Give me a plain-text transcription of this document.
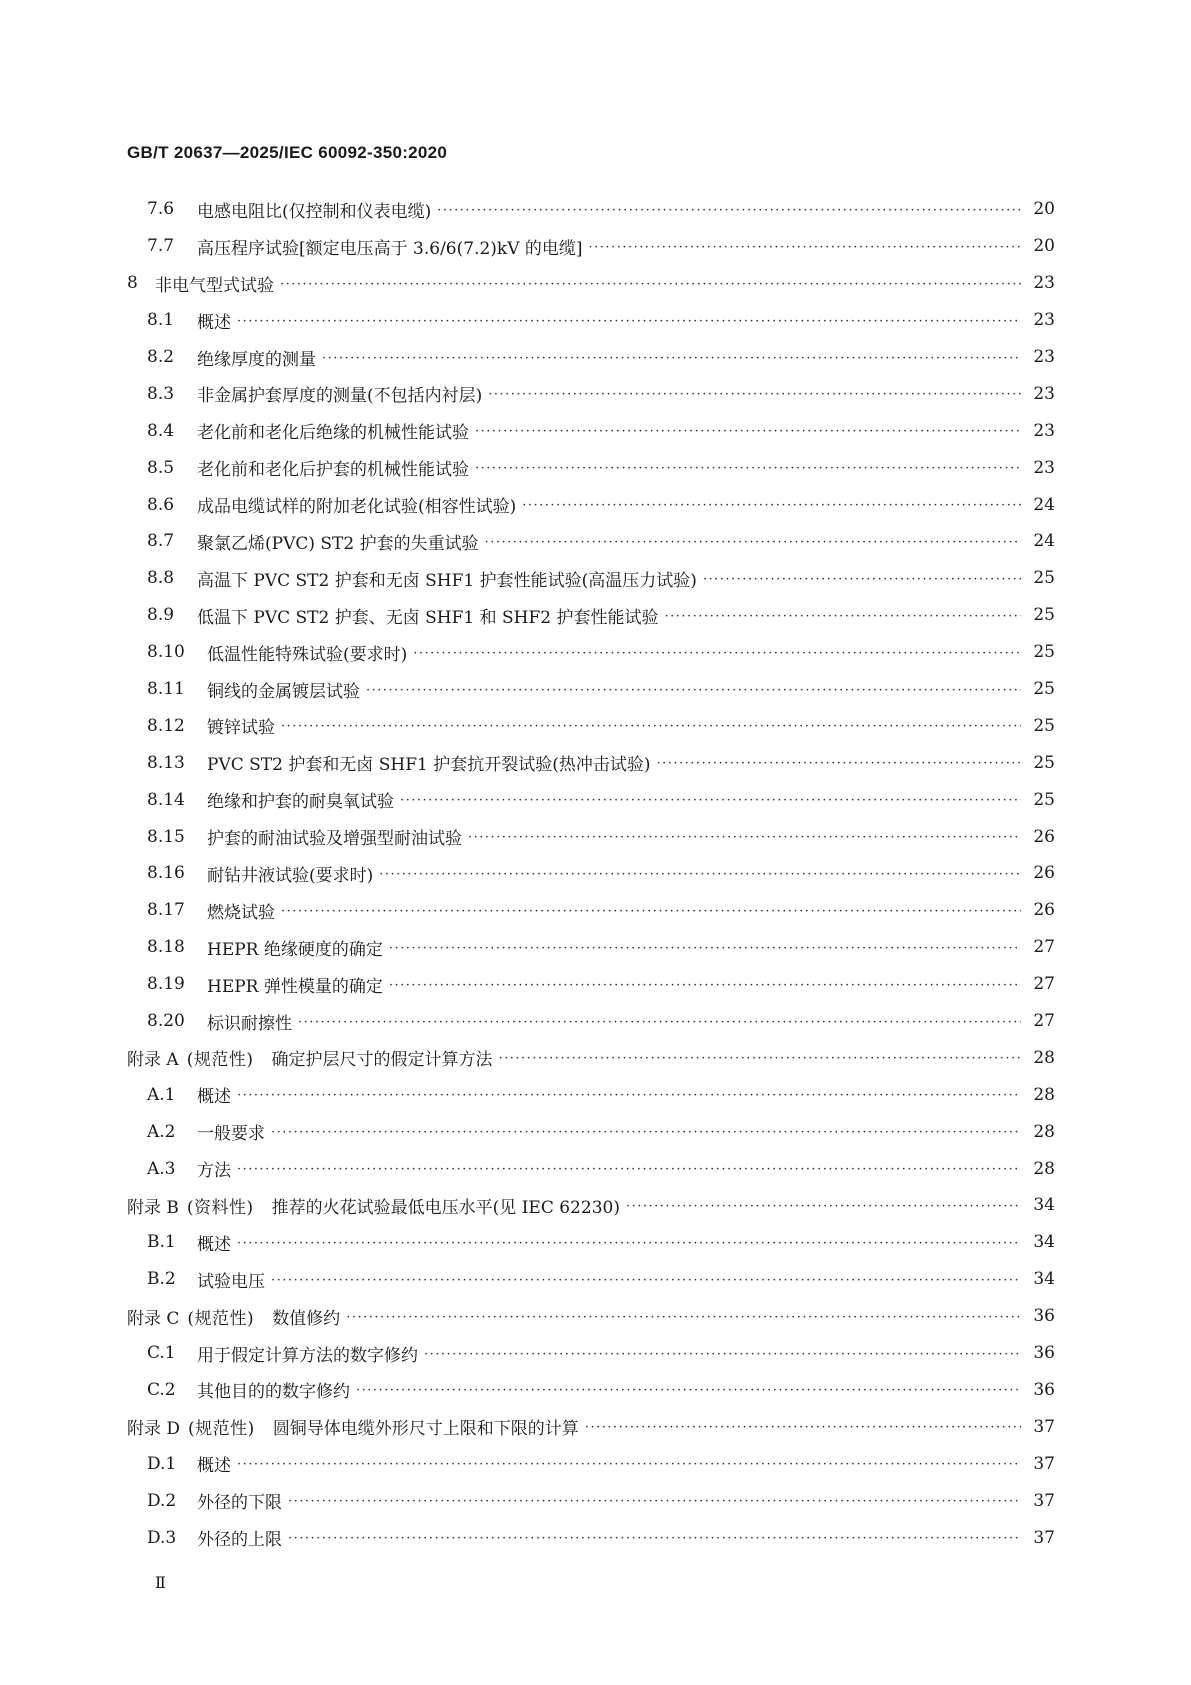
GB/T 20637—2025/IEC 60092-350:2020
7.6	电感电阻比(仅控制和仪表电缆) ·····	20
7.7	高压程序试验[额定电压高于 3.6/6(7.2)kV 的电缆] ·····	20
8	非电气型式试验 ·····	23
8.1	概述 ·····	23
8.2	绝缘厚度的测量 ·····	23
8.3	非金属护套厚度的测量(不包括内衬层) ·····	23
8.4	老化前和老化后绝缘的机械性能试验 ·····	23
8.5	老化前和老化后护套的机械性能试验 ·····	23
8.6	成品电缆试样的附加老化试验(相容性试验) ·····	24
8.7	聚氯乙烯(PVC) ST2 护套的失重试验 ·····	24
8.8	高温下 PVC ST2 护套和无卤 SHF1 护套性能试验(高温压力试验) ·····	25
8.9	低温下 PVC ST2 护套、无卤 SHF1 和 SHF2 护套性能试验 ·····	25
8.10	低温性能特殊试验(要求时) ·····	25
8.11	铜线的金属镀层试验 ·····	25
8.12	镀锌试验 ·····	25
8.13	PVC ST2 护套和无卤 SHF1 护套抗开裂试验(热冲击试验) ·····	25
8.14	绝缘和护套的耐臭氧试验 ·····	25
8.15	护套的耐油试验及增强型耐油试验 ·····	26
8.16	耐钻井液试验(要求时) ·····	26
8.17	燃烧试验 ·····	26
8.18	HEPR 绝缘硬度的确定 ·····	27
8.19	HEPR 弹性模量的确定 ·····	27
8.20	标识耐擦性 ·····	27
附录 A (规范性)	确定护层尺寸的假定计算方法 ·····	28
A.1	概述 ·····	28
A.2	一般要求 ·····	28
A.3	方法 ·····	28
附录 B (资料性)	推荐的火花试验最低电压水平(见 IEC 62230) ·····	34
B.1	概述 ·····	34
B.2	试验电压 ·····	34
附录 C (规范性)	数值修约 ·····	36
C.1	用于假定计算方法的数字修约 ·····	36
C.2	其他目的的数字修约 ·····	36
附录 D (规范性)	圆铜导体电缆外形尺寸上限和下限的计算 ·····	37
D.1	概述 ·····	37
D.2	外径的下限 ·····	37
D.3	外径的上限 ·····	37
Ⅱ
